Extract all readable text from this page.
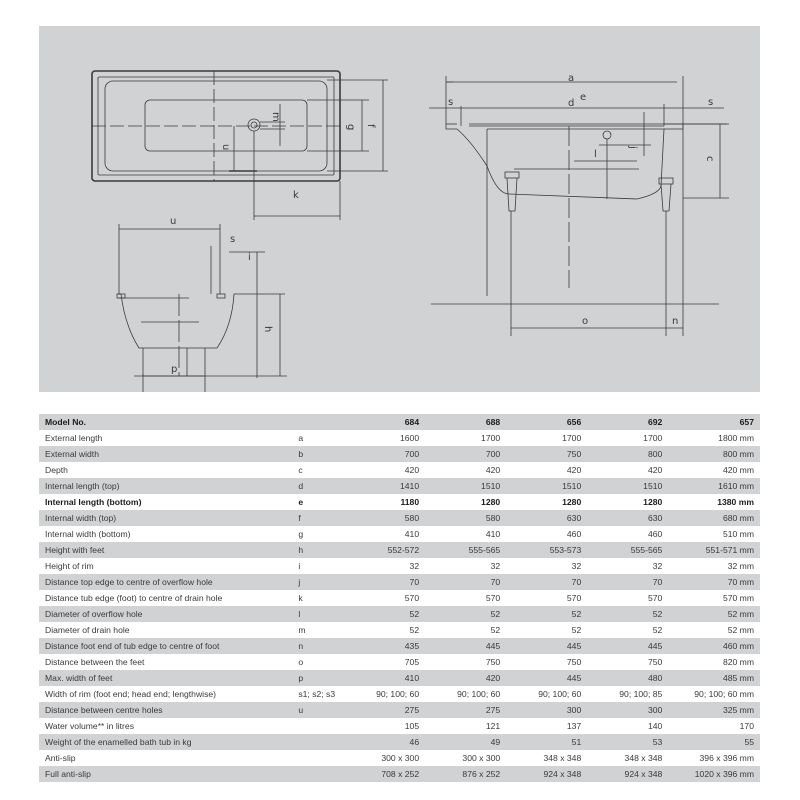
m
u
g f
k
a
d
e
s	s
c
j
l
o	n
u
s
i
h
p
Model No.		684	688	656	692	657
External length	a	1600	1700	1700	1700	1800 mm
External width	b	700	700	750	800	800 mm
Depth	c	420	420	420	420	420 mm
Internal length (top)	d	1410	1510	1510	1510	1610 mm
Internal length (bottom)	e	1180	1280	1280	1280	1380 mm
Internal width (top)	f	580	580	630	630	680 mm
Internal width (bottom)	g	410	410	460	460	510 mm
Height with feet	h	552-572	555-565	553-573	555-565	551-571 mm
Height of rim	i	32	32	32	32	32 mm
Distance top edge to centre of overflow hole	j	70	70	70	70	70 mm
Distance tub edge (foot) to centre of drain hole	k	570	570	570	570	570 mm
Diameter of overflow hole	l	52	52	52	52	52 mm
Diameter of drain hole	m	52	52	52	52	52 mm
Distance foot end of tub edge to centre of foot	n	435	445	445	445	460 mm
Distance between the feet	o	705	750	750	750	820 mm
Max. width of feet	p	410	420	445	480	485 mm
Width of rim (foot end; head end; lengthwise)	s1; s2; s3	90; 100; 60	90; 100; 60	90; 100; 60	90; 100; 85	90; 100; 60 mm
Distance between centre holes	u	275	275	300	300	325 mm
Water volume** in litres		105	121	137	140	170
Weight of the enamelled bath tub in kg		46	49	51	53	55
Anti-slip		300 x 300	300 x 300	348 x 348	348 x 348	396 x 396 mm
Full anti-slip		708 x 252	876 x 252	924 x 348	924 x 348	1020 x 396 mm
